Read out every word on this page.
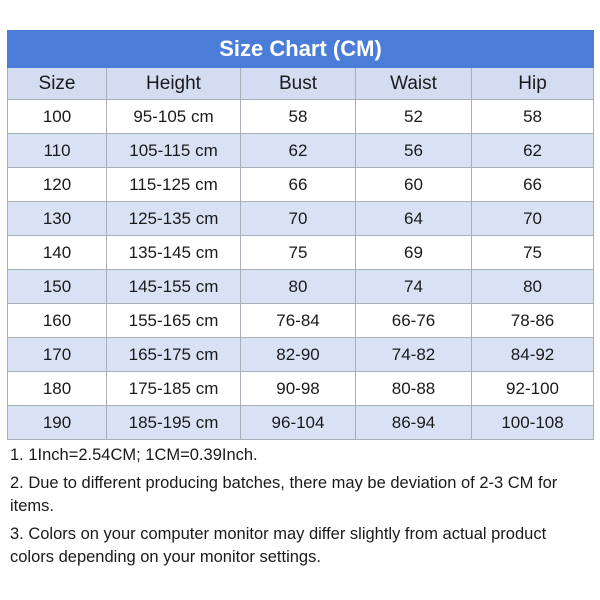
Size Chart (CM)				
Size	Height	Bust	Waist	Hip
100	95-105 cm	58	52	58
110	105-115 cm	62	56	62
120	115-125 cm	66	60	66
130	125-135 cm	70	64	70
140	135-145 cm	75	69	75
150	145-155 cm	80	74	80
160	155-165 cm	76-84	66-76	78-86
170	165-175 cm	82-90	74-82	84-92
180	175-185 cm	90-98	80-88	92-100
190	185-195 cm	96-104	86-94	100-108

1. 1Inch=2.54CM; 1CM=0.39Inch.

2. Due to different producing batches, there may be deviation of 2-3 CM for items.

3. Colors on your computer monitor may differ slightly from actual product colors depending on your monitor settings.
